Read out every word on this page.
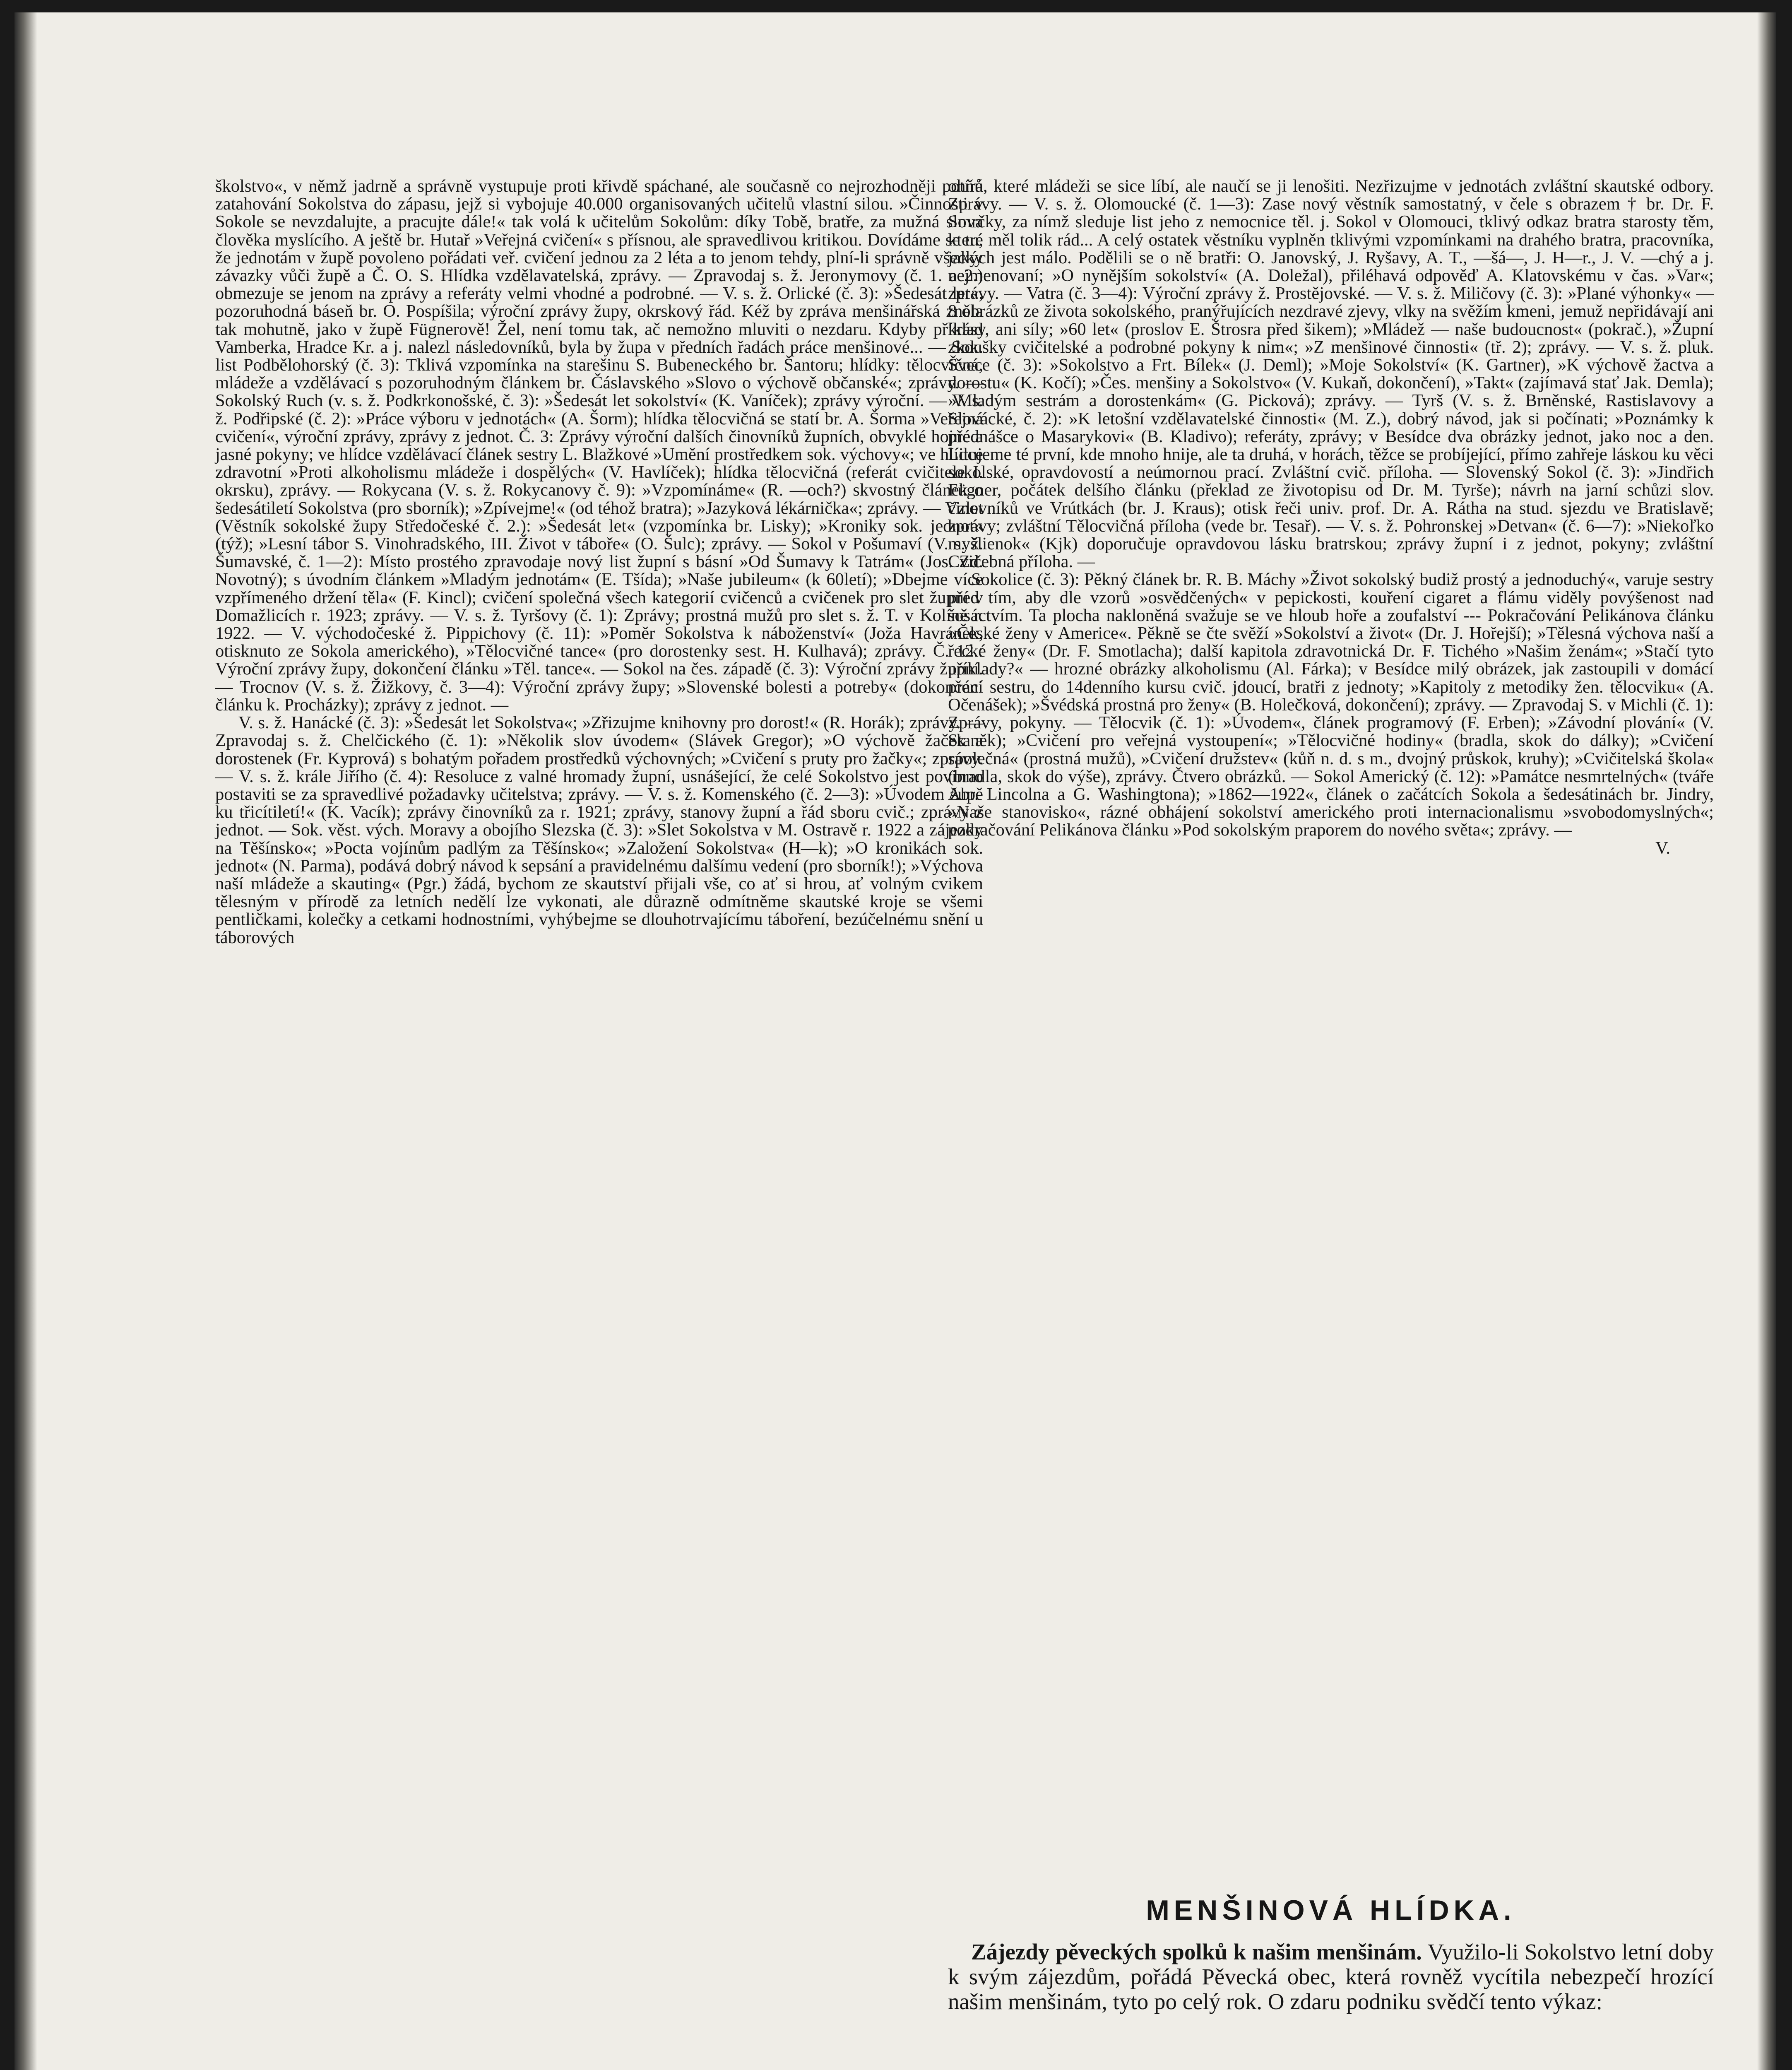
školstvo«, v němž jadrně a správně vystupuje proti křivdě spáchané, ale současně co nejrozhodněji potírá zatahování Sokolstva do zápasu, jejž si vybojuje 40.000 organisovaných učitelů vlastní silou. »Činnosti v Sokole se nevzdalujte, a pracujte dále!« tak volá k učitelům Sokolům: díky Tobě, bratře, za mužná slova člověka myslícího. A ještě br. Hutař »Veřejná cvičení« s přísnou, ale spravedlivou kritikou. Dovídáme se tu, že jednotám v župě povoleno pořádati veř. cvičení jednou za 2 léta a to jenom tehdy, plní-li správně všecky závazky vůči župě a Č. O. S. Hlídka vzdělavatelská, zprávy. — Zpravodaj s. ž. Jeronymovy (č. 1. a 2.) obmezuje se jenom na zprávy a referáty velmi vhodné a podrobné. — V. s. ž. Orlické (č. 3): »Šedesát let«, pozoruhodná báseň br. O. Pospíšila; výroční zprávy župy, okrskový řád. Kéž by zpráva menšinářská zněla tak mohutně, jako v župě Fügnerově! Žel, není tomu tak, ač nemožno mluviti o nezdaru. Kdyby příklad Vamberka, Hradce Kr. a j. nalezl následovníků, byla by župa v předních řadách práce menšinové... — Sok. list Podbělohorský (č. 3): Tklivá vzpomínka na starešinu S. Bubeneckého br. Šantoru; hlídky: tělocvičná, mládeže a vzdělávací s pozoruhodným článkem br. Čáslavského »Slovo o výchově občanské«; zprávy. — Sokolský Ruch (v. s. ž. Podkrkonošské, č. 3): »Šedesát let sokolství« (K. Vaníček); zprávy výroční. — V. s. ž. Podřipské (č. 2): »Práce výboru v jednotách« (A. Šorm); hlídka tělocvičná se statí br. A. Šorma »Veřejná cvičení«, výroční zprávy, zprávy z jednot. Č. 3: Zprávy výroční dalších činovníků župních, obvyklé hojné a jasné pokyny; ve hlídce vzdělávací článek sestry L. Blažkové »Umění prostředkem sok. výchovy«; ve hlídce zdravotní »Proti alkoholismu mládeže i dospělých« (V. Havlíček); hlídka tělocvičná (referát cvičitele I. okrsku), zprávy. — Rokycana (V. s. ž. Rokycanovy č. 9): »Vzpomínáme« (R. —och?) skvostný článek o šedesátiletí Sokolstva (pro sborník); »Zpívejme!« (od téhož bratra); »Jazyková lékárnička«; zprávy. — Vzlet (Věstník sokolské župy Středočeské č. 2.): »Šedesát let« (vzpomínka br. Lisky); »Kroniky sok. jednot« (týž); »Lesní tábor S. Vinohradského, III. Život v táboře« (O. Šulc); zprávy. — Sokol v Pošumaví (V. s. ž. Šumavské, č. 1—2): Místo prostého zpravodaje nový list župní s básní »Od Šumavy k Tatrám« (Jos. Zd. Novotný); s úvodním článkem »Mladým jednotám« (E. Tšída); »Naše jubileum« (k 60letí); »Dbejme více vzpřímeného držení těla« (F. Kincl); cvičení společná všech kategorií cvičenců a cvičenek pro slet župní v Domažlicích r. 1923; zprávy. — V. s. ž. Tyršovy (č. 1): Zprávy; prostná mužů pro slet s. ž. T. v Kolíně r. 1922. — V. východočeské ž. Pippichovy (č. 11): »Poměr Sokolstva k náboženství« (Joža Havránek, otisknuto ze Sokola amerického), »Tělocvičné tance« (pro dorostenky sest. H. Kulhavá); zprávy. Č. 12.: Výroční zprávy župy, dokončení článku »Těl. tance«. — Sokol na čes. západě (č. 3): Výroční zprávy župní. — Trocnov (V. s. ž. Žižkovy, č. 3—4): Výroční zprávy župy; »Slovenské bolesti a potreby« (dokončení článku k. Procházky); zprávy z jednot. —

V. s. ž. Hanácké (č. 3): »Šedesát let Sokolstva«; »Zřizujme knihovny pro dorost!« (R. Horák); zprávy. — Zpravodaj s. ž. Chelčického (č. 1): »Několik slov úvodem« (Slávek Gregor); »O výchově žaček a dorostenek (Fr. Kyprová) s bohatým pořadem prostředků výchovných; »Cvičení s pruty pro žačky«; zprávy. — V. s. ž. krále Jiřího (č. 4): Resoluce z valné hromady župní, usnášející, že celé Sokolstvo jest povinno postaviti se za spravedlivé požadavky učitelstva; zprávy. — V. s. ž. Komenského (č. 2—3): »Úvodem župě ku třicítiletí!« (K. Vacík); zprávy činovníků za r. 1921; zprávy, stanovy župní a řád sboru cvič.; zprávy z jednot. — Sok. věst. vých. Moravy a obojího Slezska (č. 3): »Slet Sokolstva v M. Ostravě r. 1922 a zájezdy na Těšínsko«; »Pocta vojínům padlým za Těšínsko«; »Založení Sokolstva« (H—k); »O kronikách sok. jednot« (N. Parma), podává dobrý návod k sepsání a pravidelnému dalšímu vedení (pro sborník!); »Výchova naší mládeže a skauting« (Pgr.) žádá, bychom ze skautství přijali vše, co ať si hrou, ať volným cvikem tělesným v přírodě za letních nedělí lze vykonati, ale důrazně odmítněme skautské kroje se všemi pentličkami, kolečky a cetkami hodnostními, vyhýbejme se dlouhotrvajícímu táboření, bezúčelnému snění u táborových

ohňů, které mládeži se sice líbí, ale naučí se ji lenošiti. Nezřizujme v jednotách zvláštní skautské odbory. Zprávy. — V. s. ž. Olomoucké (č. 1—3): Zase nový věstník samostatný, v čele s obrazem † br. Dr. F. Smrčky, za nímž sleduje list jeho z nemocnice těl. j. Sokol v Olomouci, tklivý odkaz bratra starosty těm, které měl tolik rád... A celý ostatek věstníku vyplněn tklivými vzpomínkami na drahého bratra, pracovníka, jakých jest málo. Podělili se o ně bratři: O. Janovský, J. Ryšavy, A. T., —šá—, J. H—r., J. V. —chý a j. nejmenovaní; »O nynějším sokolství« (A. Doležal), přiléhavá odpověď A. Klatovskému v čas. »Var«; zprávy. — Vatra (č. 3—4): Výroční zprávy ž. Prostějovské. — V. s. ž. Miličovy (č. 3): »Plané výhonky« — 8 obrázků ze života sokolského, pranýřujících nezdravé zjevy, vlky na svěžím kmeni, jemuž nepřidávají ani krásy, ani síly; »60 let« (proslov E. Štrosra před šikem); »Mládež — naše budoucnost« (pokrač.), »Župní zkoušky cvičitelské a podrobné pokyny k nim«; »Z menšinové činnosti« (tř. 2); zprávy. — V. s. ž. pluk. Švece (č. 3): »Sokolstvo a Frt. Bílek« (J. Deml); »Moje Sokolství« (K. Gartner), »K výchově žactva a dorostu« (K. Kočí); »Čes. menšiny a Sokolstvo« (V. Kukaň, dokončení), »Takt« (zajímavá stať Jak. Demla); »Mladým sestrám a dorostenkám« (G. Picková); zprávy. — Tyrš (V. s. ž. Brněnské, Rastislavovy a Slovácké, č. 2): »K letošní vzdělavatelské činnosti« (M. Z.), dobrý návod, jak si počínati; »Poznámky k přednášce o Masarykovi« (B. Kladivo); referáty, zprávy; v Besídce dva obrázky jednot, jako noc a den. Litujeme té první, kde mnoho hnije, ale ta druhá, v horách, těžce se probíjející, přímo zahřeje láskou ku věci sokolské, opravdovostí a neúmornou prací. Zvláštní cvič. příloha. — Slovenský Sokol (č. 3): »Jindřich Fügner, počátek delšího článku (překlad ze životopisu od Dr. M. Tyrše); návrh na jarní schůzi slov. činovníků ve Vrútkách (br. J. Kraus); otisk řeči univ. prof. Dr. A. Ráthа na stud. sjezdu ve Bratislavě; zprávy; zvláštní Tělocvičná příloha (vede br. Tesař). — V. s. ž. Pohronskej »Detvan« (č. 6—7): »Niekoľko myšlienok« (Kjk) doporučuje opravdovou lásku bratrskou; zprávy župní i z jednot, pokyny; zvláštní Cvičebná příloha. —

Sokolice (č. 3): Pěkný článek br. R. B. Máchy »Život sokolský budiž prostý a jednoduchý«, varuje sestry před tím, aby dle vzorů »osvědčených« v pepickosti, kouření cigaret a flámu viděly povýšenost nad šosáctvím. Ta plocha nakloněná svažuje se ve hloub hoře a zoufalství --- Pokračování Pelikánova článku »České ženy v Americe«. Pěkně se čte svěží »Sokolství a život« (Dr. J. Hořejší); »Tělesná výchova naší a řecké ženy« (Dr. F. Smotlacha); další kapitola zdravotnická Dr. F. Tichého »Našim ženám«; »Stačí tyto příklady?« — hrozné obrázky alkoholismu (Al. Fárka); v Besídce milý obrázek, jak zastoupili v domácí práci sestru, do 14denního kursu cvič. jdoucí, bratři z jednoty; »Kapitoly z metodiky žen. tělocviku« (A. Očenášek); »Švédská prostná pro ženy« (B. Holečková, dokončení); zprávy. — Zpravodaj S. v Michli (č. 1): Zprávy, pokyny. — Tělocvik (č. 1): »Úvodem«, článek programový (F. Erben); »Závodní plování« (V. Staněk); »Cvičení pro veřejná vystoupení«; »Tělocvičné hodiny« (bradla, skok do dálky); »Cvičení společná« (prostná mužů), »Cvičení družstev« (kůň n. d. s m., dvojný průskok, kruhy); »Cvičitelská škola« (bradla, skok do výše), zprávy. Čtvero obrázků. — Sokol Americký (č. 12): »Památce nesmrtelných« (tváře Abr. Lincolna a G. Washingtona); »1862—1922«, článek o začátcích Sokola a šedesátinách br. Jindry, »Naše stanovisko«, rázné obhájení sokolství amerického proti internacionalismu »svobodomyslných«; pokračování Pelikánova článku »Pod sokolským praporem do nového světa«; zprávy. —

V.
MENŠINOVÁ HLÍDKA.

Zájezdy pěveckých spolků k našim menšinám. Využilo-li Sokolstvo letní doby k svým zájezdům, pořádá Pěvecká obec, která rovněž vycítila nebezpečí hrozící našim menšinám, tyto po celý rok. O zdaru podniku svědčí tento výkaz:
